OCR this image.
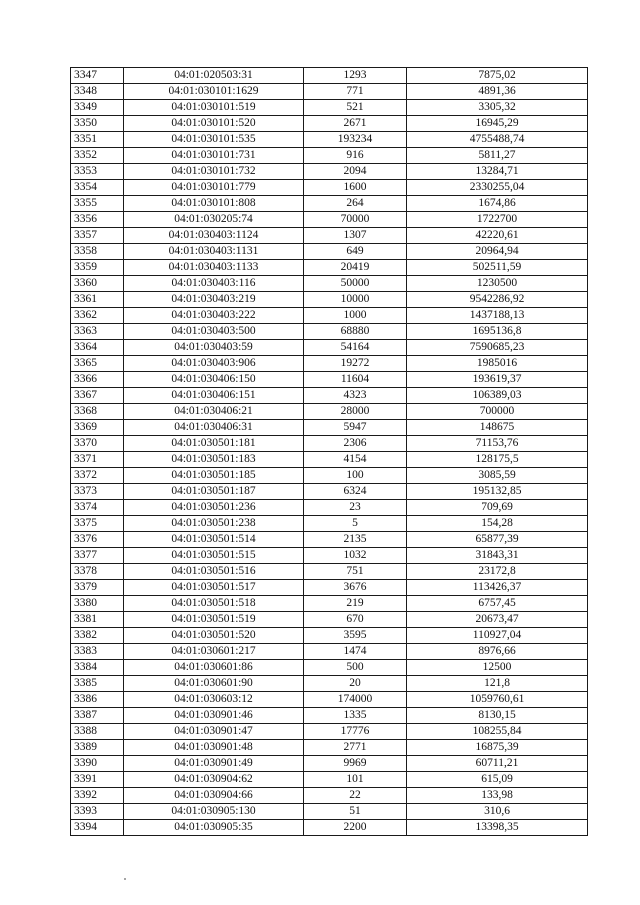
3347	04:01:020503:31	1293	7875,02
3348	04:01:030101:1629	771	4891,36
3349	04:01:030101:519	521	3305,32
3350	04:01:030101:520	2671	16945,29
3351	04:01:030101:535	193234	4755488,74
3352	04:01:030101:731	916	5811,27
3353	04:01:030101:732	2094	13284,71
3354	04:01:030101:779	1600	2330255,04
3355	04:01:030101:808	264	1674,86
3356	04:01:030205:74	70000	1722700
3357	04:01:030403:1124	1307	42220,61
3358	04:01:030403:1131	649	20964,94
3359	04:01:030403:1133	20419	502511,59
3360	04:01:030403:116	50000	1230500
3361	04:01:030403:219	10000	9542286,92
3362	04:01:030403:222	1000	1437188,13
3363	04:01:030403:500	68880	1695136,8
3364	04:01:030403:59	54164	7590685,23
3365	04:01:030403:906	19272	1985016
3366	04:01:030406:150	11604	193619,37
3367	04:01:030406:151	4323	106389,03
3368	04:01:030406:21	28000	700000
3369	04:01:030406:31	5947	148675
3370	04:01:030501:181	2306	71153,76
3371	04:01:030501:183	4154	128175,5
3372	04:01:030501:185	100	3085,59
3373	04:01:030501:187	6324	195132,85
3374	04:01:030501:236	23	709,69
3375	04:01:030501:238	5	154,28
3376	04:01:030501:514	2135	65877,39
3377	04:01:030501:515	1032	31843,31
3378	04:01:030501:516	751	23172,8
3379	04:01:030501:517	3676	113426,37
3380	04:01:030501:518	219	6757,45
3381	04:01:030501:519	670	20673,47
3382	04:01:030501:520	3595	110927,04
3383	04:01:030601:217	1474	8976,66
3384	04:01:030601:86	500	12500
3385	04:01:030601:90	20	121,8
3386	04:01:030603:12	174000	1059760,61
3387	04:01:030901:46	1335	8130,15
3388	04:01:030901:47	17776	108255,84
3389	04:01:030901:48	2771	16875,39
3390	04:01:030901:49	9969	60711,21
3391	04:01:030904:62	101	615,09
3392	04:01:030904:66	22	133,98
3393	04:01:030905:130	51	310,6
3394	04:01:030905:35	2200	13398,35
